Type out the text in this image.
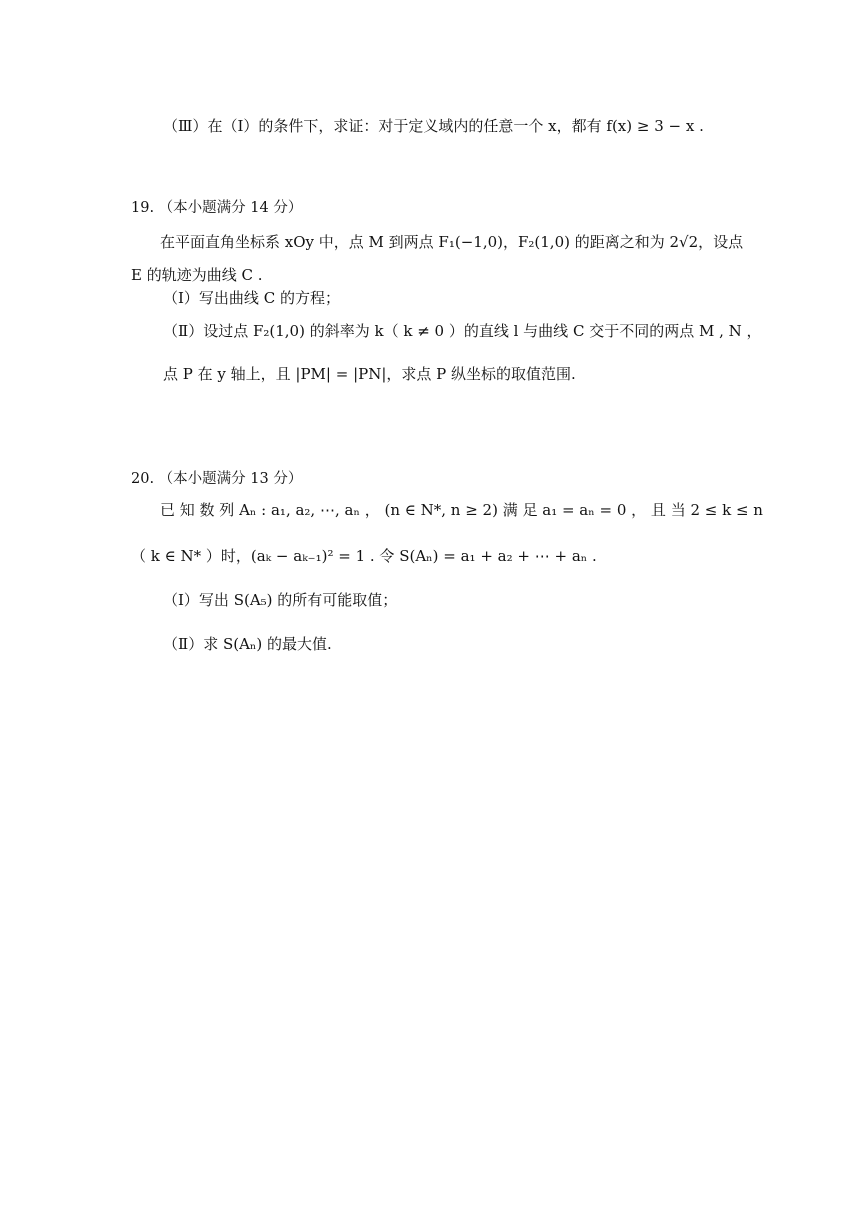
（Ⅲ）在（Ⅰ）的条件下，求证：对于定义域内的任意一个 x，都有 f(x) ≥ 3 − x .
19. （本小题满分 14 分）
在平面直角坐标系 xOy 中，点 M 到两点 F₁(−1,0)，F₂(1,0) 的距离之和为 2√2，设点
E 的轨迹为曲线 C .
（Ⅰ）写出曲线 C 的方程；
（Ⅱ）设过点 F₂(1,0) 的斜率为 k（ k ≠ 0 ）的直线 l 与曲线 C 交于不同的两点 M , N ，
点 P 在 y 轴上，且 |PM| = |PN|，求点 P 纵坐标的取值范围.
20. （本小题满分 13 分）
已 知 数 列 Aₙ : a₁, a₂, ⋯, aₙ ， (n ∈ N*, n ≥ 2) 满 足 a₁ = aₙ = 0 ， 且 当 2 ≤ k ≤ n
（ k ∈ N* ）时，(aₖ − aₖ₋₁)² = 1 . 令 S(Aₙ) = a₁ + a₂ + ⋯ + aₙ .
（Ⅰ）写出 S(A₅) 的所有可能取值；
（Ⅱ）求 S(Aₙ) 的最大值.
